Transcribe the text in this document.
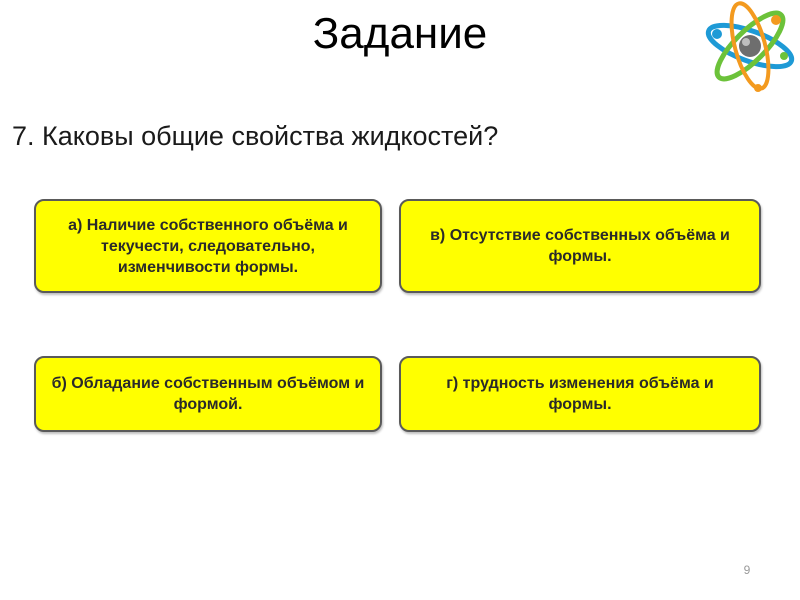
Задание
7. Каковы общие свойства жидкостей?
а) Наличие собственного объёма и текучести, следовательно, изменчивости формы.
в) Отсутствие собственных объёма и формы.
б) Обладание собственным объёмом и формой.
г) трудность изменения объёма и формы.
9
